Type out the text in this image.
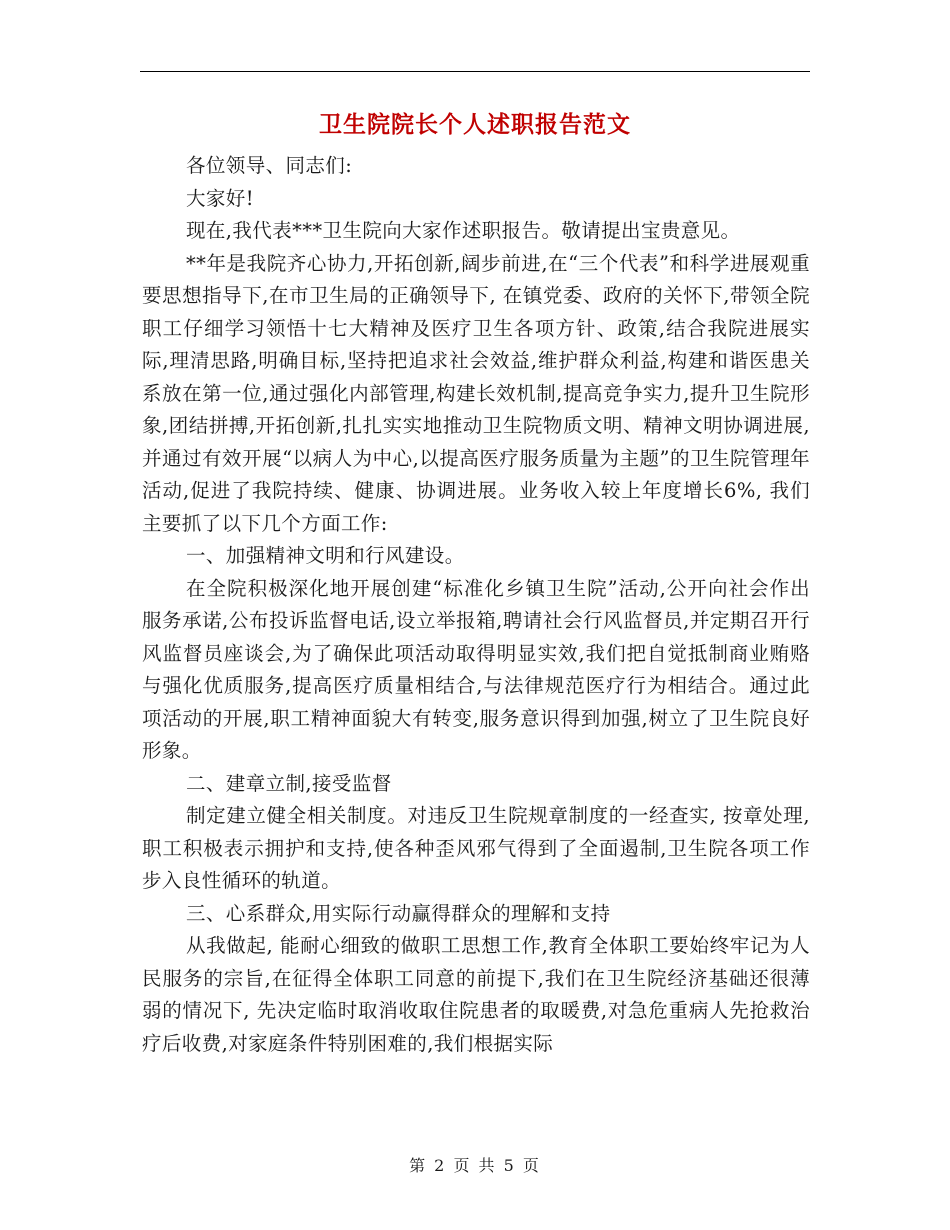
卫生院院长个人述职报告范文

各位领导、同志们:

大家好!

现在,我代表***卫生院向大家作述职报告。敬请提出宝贵意见。

**年是我院齐心协力,开拓创新,阔步前进,在“三个代表”和科学进展观重要思想指导下,在市卫生局的正确领导下, 在镇党委、政府的关怀下,带领全院职工仔细学习领悟十七大精神及医疗卫生各项方针、政策,结合我院进展实际,理清思路,明确目标,坚持把追求社会效益,维护群众利益,构建和谐医患关系放在第一位,通过强化内部管理,构建长效机制,提高竞争实力,提升卫生院形象,团结拼搏,开拓创新,扎扎实实地推动卫生院物质文明、精神文明协调进展,并通过有效开展“以病人为中心,以提高医疗服务质量为主题”的卫生院管理年活动,促进了我院持续、健康、协调进展。业务收入较上年度增长6%, 我们主要抓了以下几个方面工作:

一、加强精神文明和行风建设。

在全院积极深化地开展创建“标准化乡镇卫生院”活动,公开向社会作出服务承诺,公布投诉监督电话,设立举报箱,聘请社会行风监督员,并定期召开行风监督员座谈会,为了确保此项活动取得明显实效,我们把自觉抵制商业贿赂与强化优质服务,提高医疗质量相结合,与法律规范医疗行为相结合。通过此项活动的开展,职工精神面貌大有转变,服务意识得到加强,树立了卫生院良好形象。

二、建章立制,接受监督

制定建立健全相关制度。对违反卫生院规章制度的一经查实, 按章处理,职工积极表示拥护和支持,使各种歪风邪气得到了全面遏制,卫生院各项工作步入良性循环的轨道。

三、心系群众,用实际行动赢得群众的理解和支持

从我做起, 能耐心细致的做职工思想工作,教育全体职工要始终牢记为人民服务的宗旨,在征得全体职工同意的前提下,我们在卫生院经济基础还很薄弱的情况下, 先决定临时取消收取住院患者的取暖费,对急危重病人先抢救治疗后收费,对家庭条件特别困难的,我们根据实际

第 2 页 共 5 页
